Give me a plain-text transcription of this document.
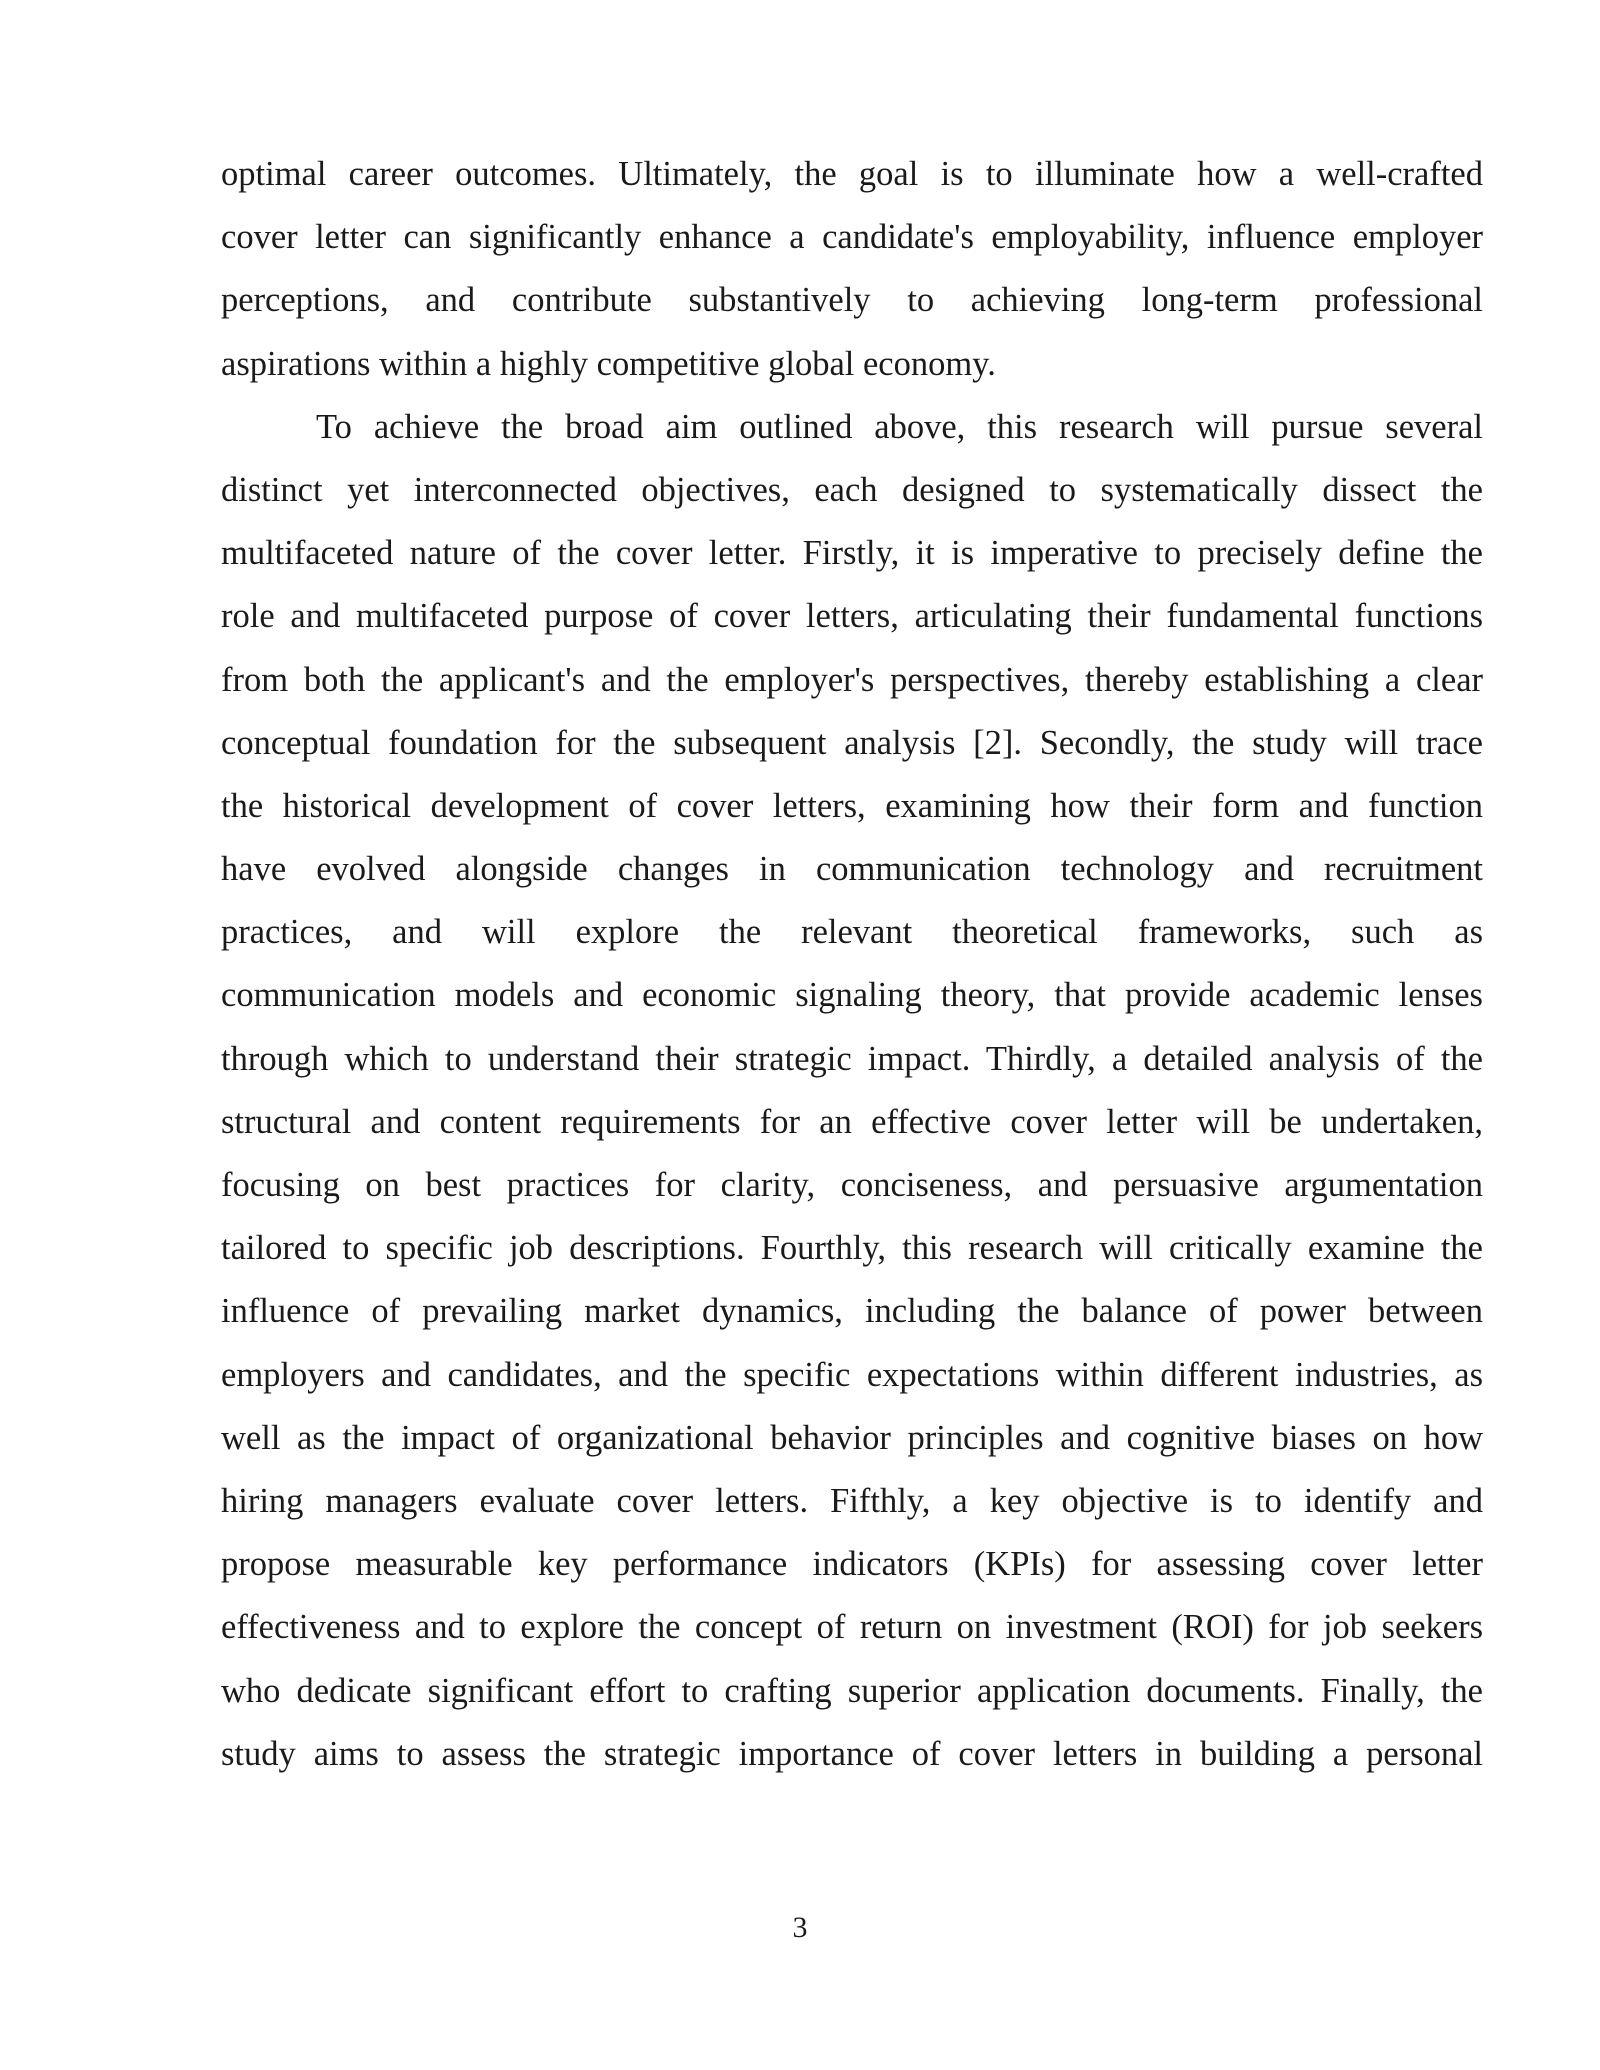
optimal career outcomes. Ultimately, the goal is to illuminate how a well-crafted
cover letter can significantly enhance a candidate's employability, influence employer
perceptions, and contribute substantively to achieving long-term professional
aspirations within a highly competitive global economy.

To achieve the broad aim outlined above, this research will pursue several
distinct yet interconnected objectives, each designed to systematically dissect the
multifaceted nature of the cover letter. Firstly, it is imperative to precisely define the
role and multifaceted purpose of cover letters, articulating their fundamental functions
from both the applicant's and the employer's perspectives, thereby establishing a clear
conceptual foundation for the subsequent analysis [2]. Secondly, the study will trace
the historical development of cover letters, examining how their form and function
have evolved alongside changes in communication technology and recruitment
practices, and will explore the relevant theoretical frameworks, such as
communication models and economic signaling theory, that provide academic lenses
through which to understand their strategic impact. Thirdly, a detailed analysis of the
structural and content requirements for an effective cover letter will be undertaken,
focusing on best practices for clarity, conciseness, and persuasive argumentation
tailored to specific job descriptions. Fourthly, this research will critically examine the
influence of prevailing market dynamics, including the balance of power between
employers and candidates, and the specific expectations within different industries, as
well as the impact of organizational behavior principles and cognitive biases on how
hiring managers evaluate cover letters. Fifthly, a key objective is to identify and
propose measurable key performance indicators (KPIs) for assessing cover letter
effectiveness and to explore the concept of return on investment (ROI) for job seekers
who dedicate significant effort to crafting superior application documents. Finally, the
study aims to assess the strategic importance of cover letters in building a personal

3
